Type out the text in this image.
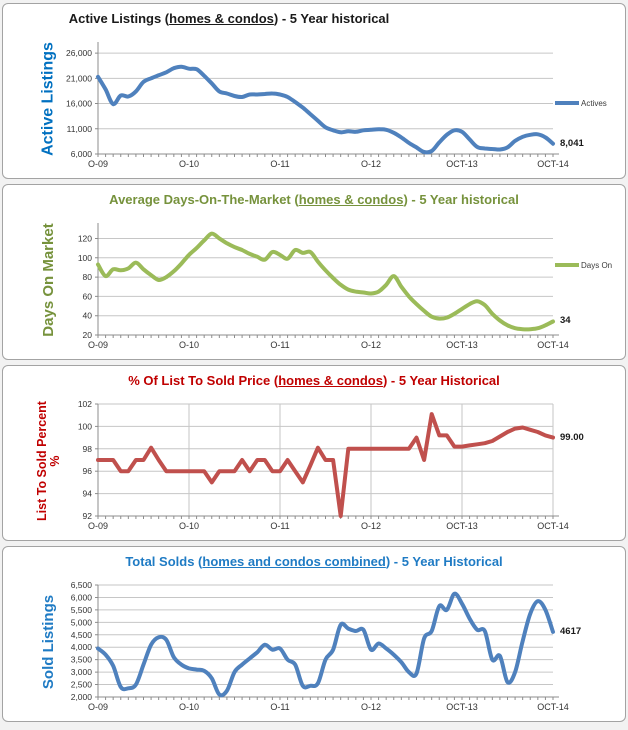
Active Listings (homes & condos) - 5 Year historical
Active Listings 6,000
11,000
16,000
21,000
26,000
O-09	O-10	O-11	O-12	OCT-13	OCT-14
Actives
8,041
Average Days-On-The-Market (homes & condos) - 5 Year historical
Days On Market	20
40
60
80
100
120
O-09	O-10	O-11	O-12	OCT-13	OCT-14
Days On
34
% Of List To Sold Price (homes & condos) - 5 Year Historical
List To Sold Percent %
92
94
96
98
100
102
O-09	O-10	O-11	O-12	OCT-13	OCT-14
99.00
Total Solds (homes and condos combined) - 5 Year Historical
Sold Listings
2,000
2,500
3,000
3,500
4,000
4,500
5,000
5,500
6,000
6,500
O-09	O-10	O-11	O-12	OCT-13	OCT-14
4617
